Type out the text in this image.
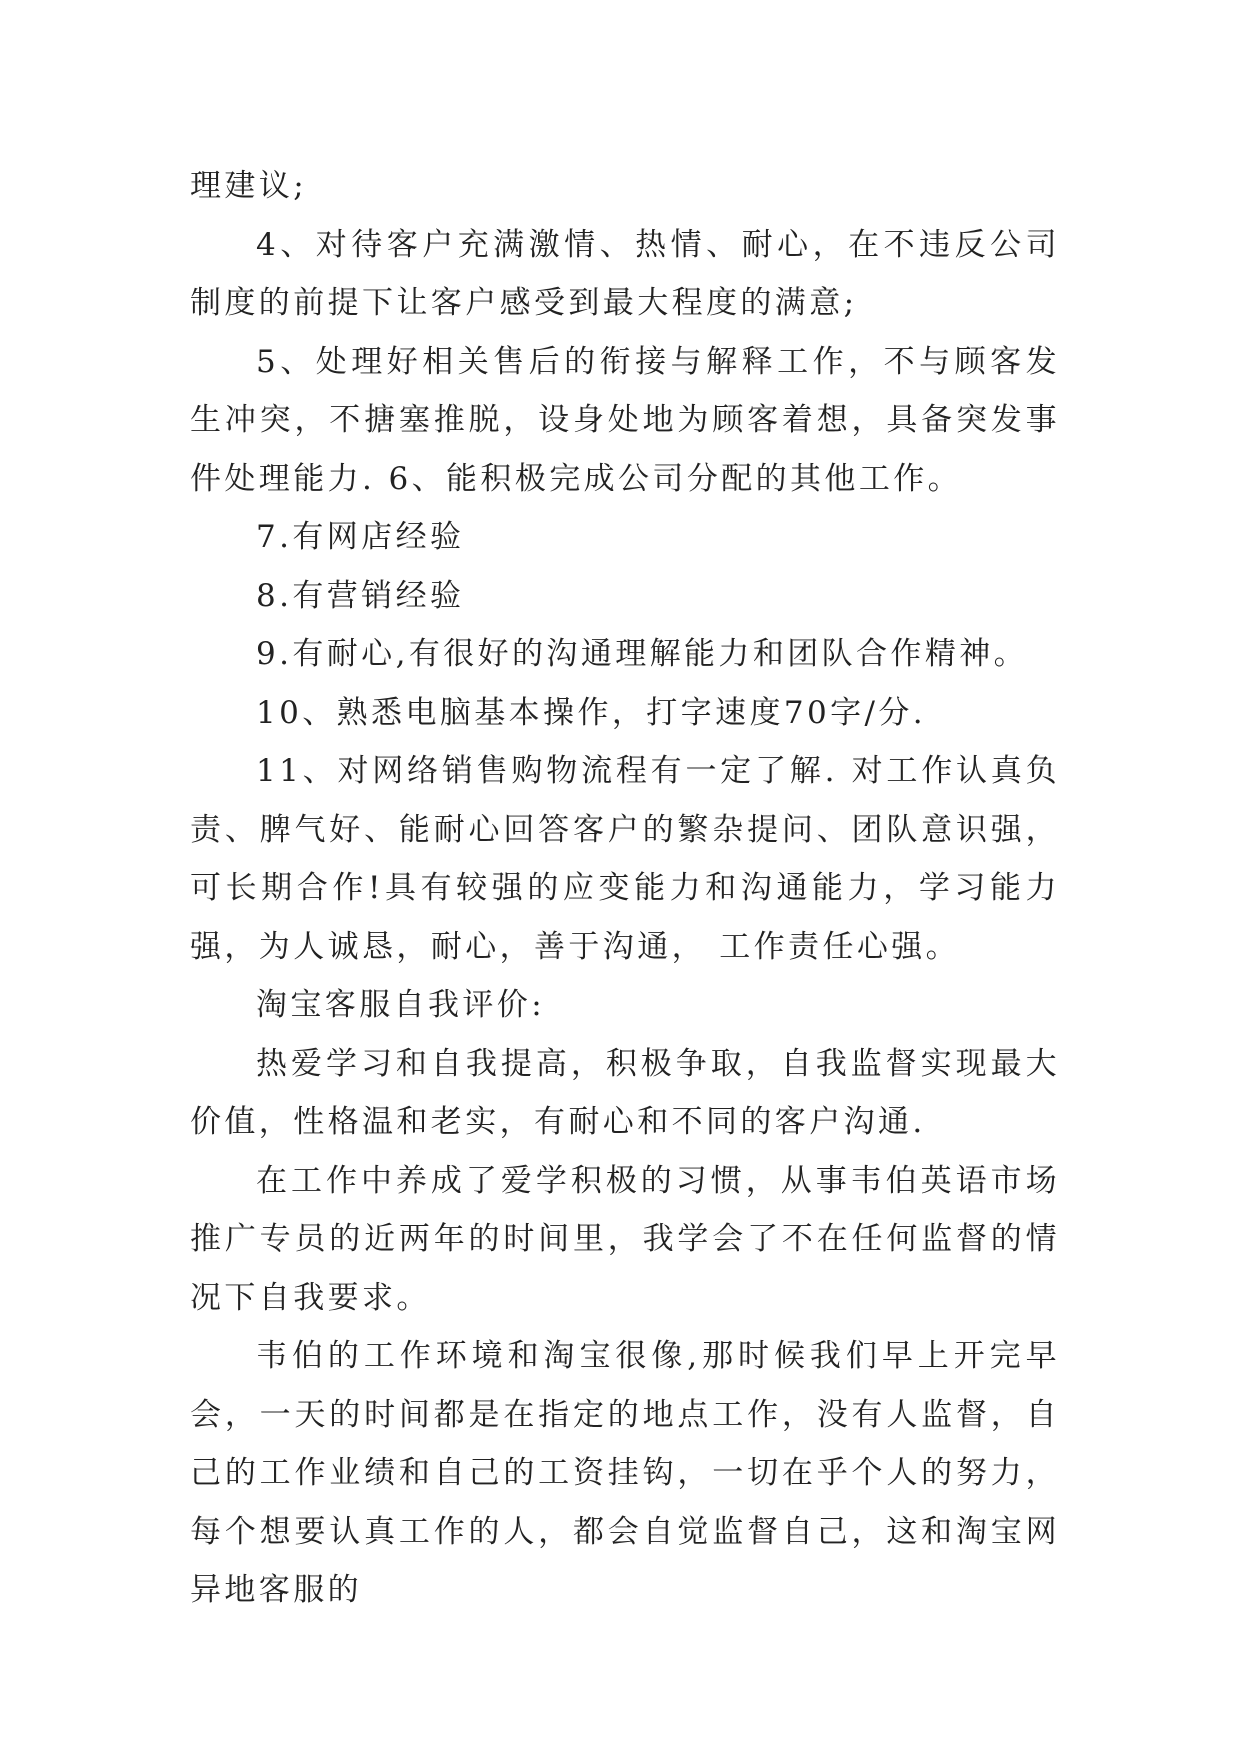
理建议;

4、对待客户充满激情、热情、耐心，在不违反公司制度的前提下让客户感受到最大程度的满意;

5、处理好相关售后的衔接与解释工作，不与顾客发生冲突，不搪塞推脱，设身处地为顾客着想，具备突发事件处理能力. 6、能积极完成公司分配的其他工作。

7.有网店经验

8.有营销经验

9.有耐心,有很好的沟通理解能力和团队合作精神。

10、熟悉电脑基本操作，打字速度70字/分.

11、对网络销售购物流程有一定了解. 对工作认真负责、脾气好、能耐心回答客户的繁杂提问、团队意识强，可长期合作!具有较强的应变能力和沟通能力，学习能力强，为人诚恳，耐心，善于沟通， 工作责任心强。

淘宝客服自我评价:

热爱学习和自我提高，积极争取，自我监督实现最大价值，性格温和老实，有耐心和不同的客户沟通.

在工作中养成了爱学积极的习惯，从事韦伯英语市场推广专员的近两年的时间里，我学会了不在任何监督的情况下自我要求。

韦伯的工作环境和淘宝很像,那时候我们早上开完早会，一天的时间都是在指定的地点工作，没有人监督，自己的工作业绩和自己的工资挂钩，一切在乎个人的努力，每个想要认真工作的人，都会自觉监督自己，这和淘宝网异地客服的
